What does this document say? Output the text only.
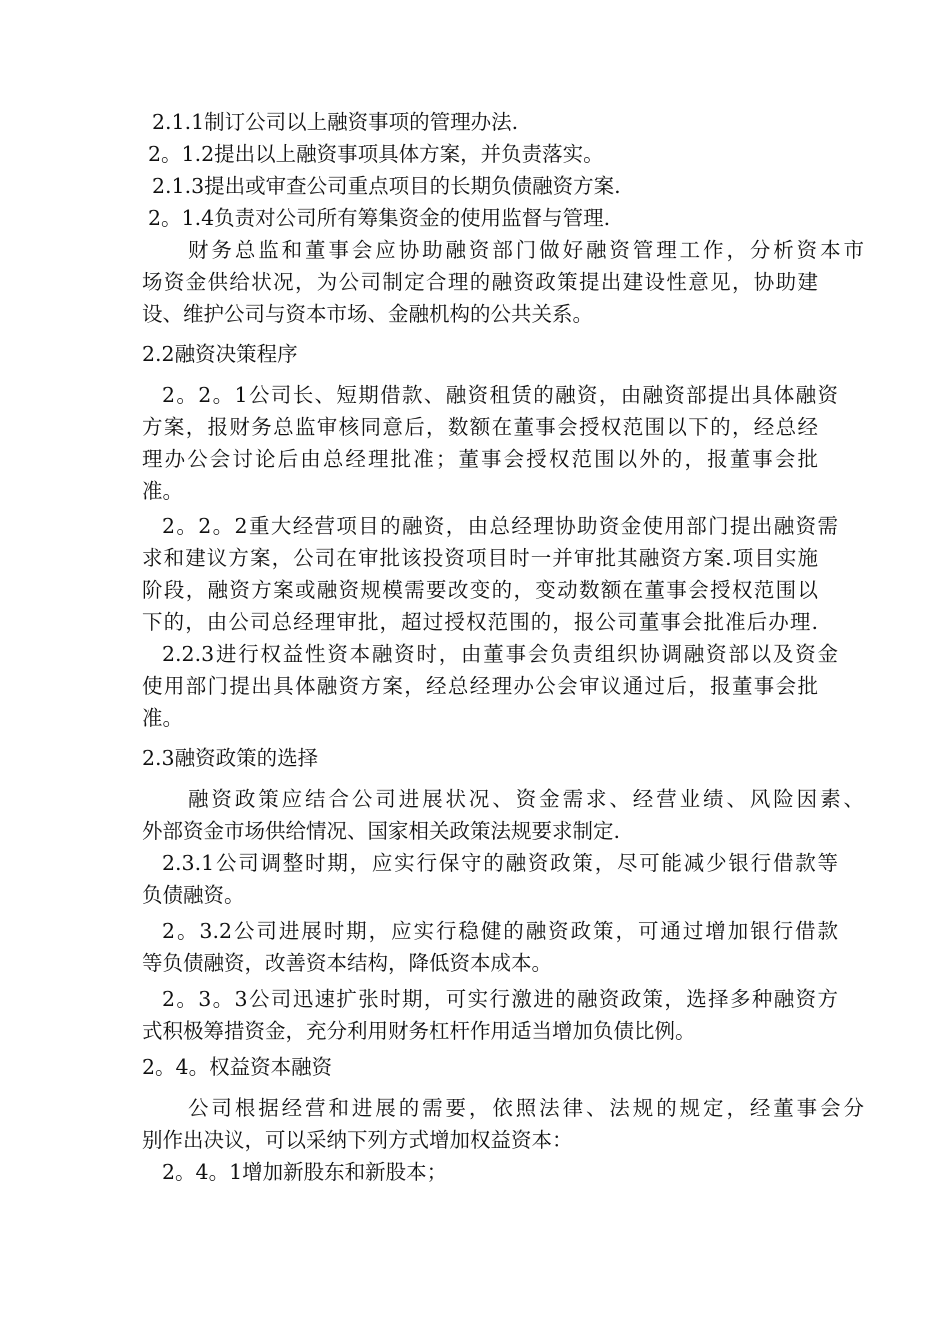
2.1.1制订公司以上融资事项的管理办法.

2。1.2提出以上融资事项具体方案，并负责落实。

2.1.3提出或审查公司重点项目的长期负债融资方案.

2。1.4负责对公司所有筹集资金的使用监督与管理.

财务总监和董事会应协助融资部门做好融资管理工作，分析资本市

场资金供给状况，为公司制定合理的融资政策提出建设性意见，协助建

设、维护公司与资本市场、金融机构的公共关系。

2.2融资决策程序

2。2。1公司长、短期借款、融资租赁的融资，由融资部提出具体融资

方案，报财务总监审核同意后，数额在董事会授权范围以下的，经总经

理办公会讨论后由总经理批准；董事会授权范围以外的，报董事会批

准。

2。2。2重大经营项目的融资，由总经理协助资金使用部门提出融资需

求和建议方案，公司在审批该投资项目时一并审批其融资方案.项目实施

阶段，融资方案或融资规模需要改变的，变动数额在董事会授权范围以

下的，由公司总经理审批，超过授权范围的，报公司董事会批准后办理.

2.2.3进行权益性资本融资时，由董事会负责组织协调融资部以及资金

使用部门提出具体融资方案，经总经理办公会审议通过后，报董事会批

准。

2.3融资政策的选择

融资政策应结合公司进展状况、资金需求、经营业绩、风险因素、

外部资金市场供给情况、国家相关政策法规要求制定.

2.3.1公司调整时期，应实行保守的融资政策，尽可能减少银行借款等

负债融资。

2。3.2公司进展时期，应实行稳健的融资政策，可通过增加银行借款

等负债融资，改善资本结构，降低资本成本。

2。3。3公司迅速扩张时期，可实行激进的融资政策，选择多种融资方

式积极筹措资金，充分利用财务杠杆作用适当增加负债比例。

2。4。权益资本融资

公司根据经营和进展的需要，依照法律、法规的规定，经董事会分

别作出决议，可以采纳下列方式增加权益资本：

2。4。1增加新股东和新股本；
